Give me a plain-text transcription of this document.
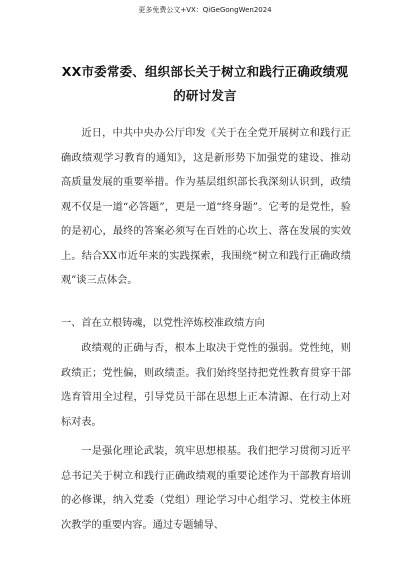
更多免费公文+VX：QiGeGongWen2024
XX市委常委、组织部长关于树立和践行正确政绩观
的研讨发言

近日，中共中央办公厅印发《关于在全党开展树立和践行正确政绩观学习教育的通知》，这是新形势下加强党的建设、推动高质量发展的重要举措。作为基层组织部长我深刻认识到，政绩观不仅是一道“必答题”，更是一道“终身题”。它考的是党性，验的是初心，最终的答案必须写在百姓的心坎上、落在发展的实效上。结合XX市近年来的实践探索，我围绕“树立和践行正确政绩观”谈三点体会。

一、首在立根铸魂，以党性淬炼校准政绩方向

政绩观的正确与否，根本上取决于党性的强弱。党性纯，则政绩正；党性偏，则政绩歪。我们始终坚持把党性教育贯穿干部选育管用全过程，引导党员干部在思想上正本清源、在行动上对标对表。

一是强化理论武装，筑牢思想根基。我们把学习贯彻习近平总书记关于树立和践行正确政绩观的重要论述作为干部教育培训的必修课，纳入党委（党组）理论学习中心组学习、党校主体班次教学的重要内容。通过专题辅导、
